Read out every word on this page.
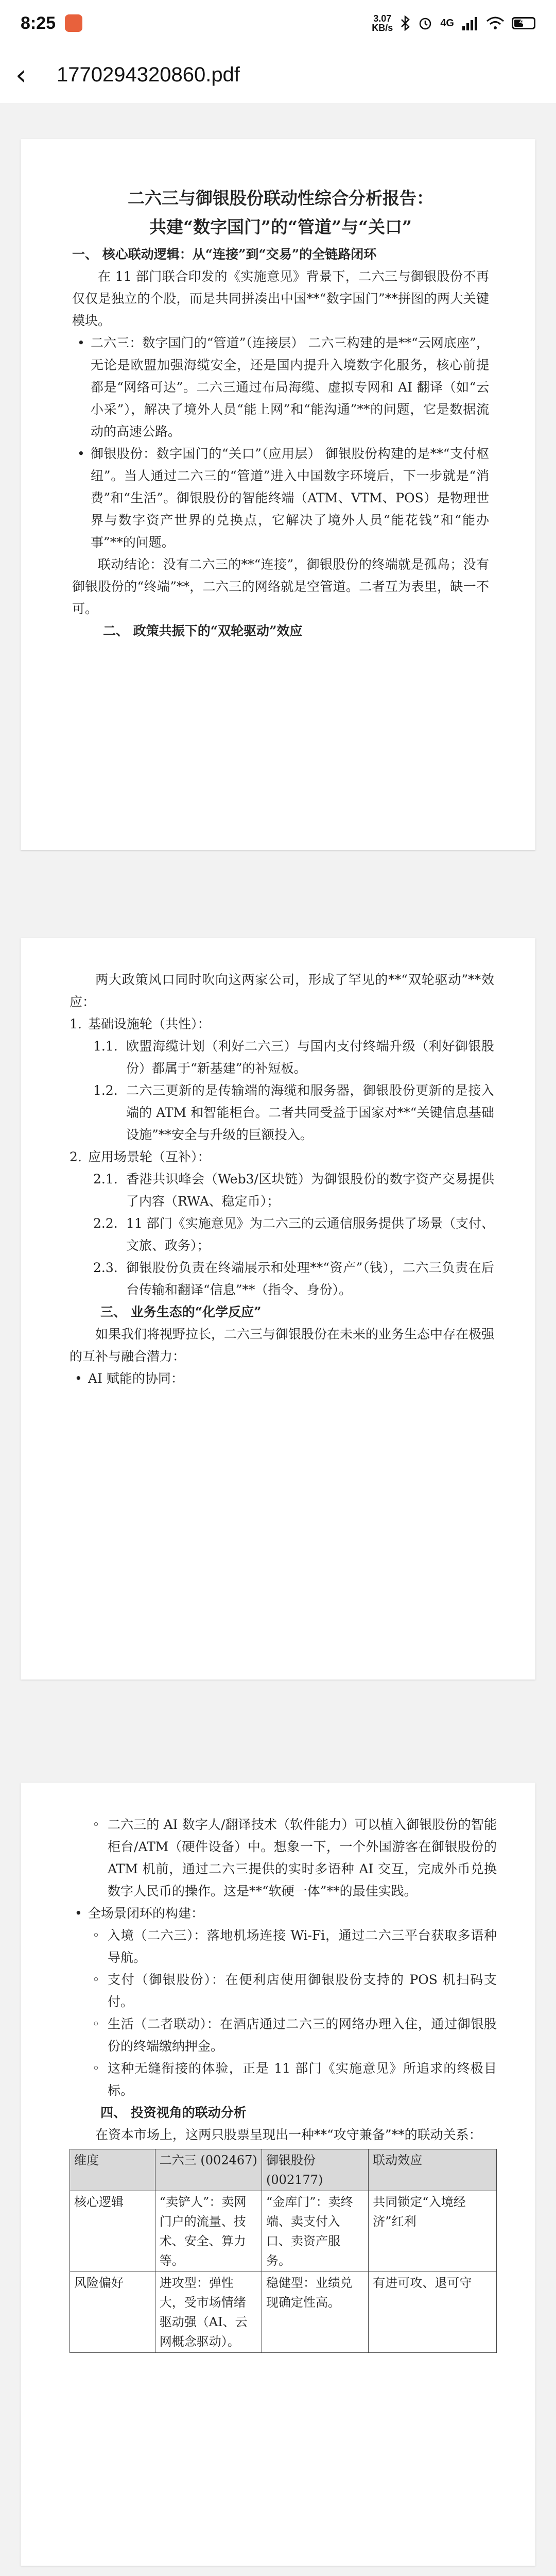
8:25	3.07
KB/s	4G	47
‹	1770294320860.pdf

二六三与御银股份联动性综合分析报告：

共建“数字国门”的“管道”与“关口”

一、 核心联动逻辑：从“连接”到“交易”的全链路闭环

在 11 部门联合印发的《实施意见》背景下，二六三与御银股份不再仅仅是独立的个股，而是共同拼凑出中国**“数字国门”**拼图的两大关键模块。

• 二六三：数字国门的“管道”（连接层） 二六三构建的是**“云网底座”，无论是欧盟加强海缆安全，还是国内提升入境数字化服务，核心前提都是“网络可达”。二六三通过布局海缆、虚拟专网和 AI 翻译（如“云小采”），解决了境外人员“能上网”和“能沟通”**的问题，它是数据流动的高速公路。

• 御银股份：数字国门的“关口”（应用层） 御银股份构建的是**“支付枢纽”。当人通过二六三的“管道”进入中国数字环境后，下一步就是“消费”和“生活”。御银股份的智能终端（ATM、VTM、POS）是物理世界与数字资产世界的兑换点，它解决了境外人员“能花钱”和“能办事”**的问题。

联动结论：没有二六三的**“连接”，御银股份的终端就是孤岛；没有御银股份的“终端”**，二六三的网络就是空管道。二者互为表里，缺一不可。

二、 政策共振下的“双轮驱动”效应

两大政策风口同时吹向这两家公司，形成了罕见的**“双轮驱动”**效应：

1. 基础设施轮（共性）：

1.1. 欧盟海缆计划（利好二六三）与国内支付终端升级（利好御银股份）都属于“新基建”的补短板。

1.2. 二六三更新的是传输端的海缆和服务器，御银股份更新的是接入端的 ATM 和智能柜台。二者共同受益于国家对**“关键信息基础设施”**安全与升级的巨额投入。

2. 应用场景轮（互补）：

2.1. 香港共识峰会（Web3/区块链）为御银股份的数字资产交易提供了内容（RWA、稳定币）；

2.2. 11 部门《实施意见》为二六三的云通信服务提供了场景（支付、文旅、政务）；

2.3. 御银股份负责在终端展示和处理**“资产”（钱），二六三负责在后台传输和翻译“信息”**（指令、身份）。

三、 业务生态的“化学反应”

如果我们将视野拉长，二六三与御银股份在未来的业务生态中存在极强的互补与融合潜力：

• AI 赋能的协同：

◦ 二六三的 AI 数字人/翻译技术（软件能力）可以植入御银股份的智能柜台/ATM（硬件设备）中。想象一下，一个外国游客在御银股份的 ATM 机前，通过二六三提供的实时多语种 AI 交互，完成外币兑换数字人民币的操作。这是**“软硬一体”**的最佳实践。

• 全场景闭环的构建：

◦ 入境（二六三）：落地机场连接 Wi-Fi，通过二六三平台获取多语种导航。

◦ 支付（御银股份）：在便利店使用御银股份支持的 POS 机扫码支付。

◦ 生活（二者联动）：在酒店通过二六三的网络办理入住，通过御银股份的终端缴纳押金。

◦ 这种无缝衔接的体验，正是 11 部门《实施意见》所追求的终极目标。

四、 投资视角的联动分析

在资本市场上，这两只股票呈现出一种**“攻守兼备”**的联动关系：

维度	二六三 (002467)	御银股份 (002177)	联动效应
核心逻辑	“卖铲人”：卖网门户的流量、技术、安全、算力等。	“金库门”：卖终端、卖支付入口、卖资产服务。	共同锁定“入境经济”红利
风险偏好	进攻型：弹性大，受市场情绪驱动强（AI、云网概念驱动）。	稳健型：业绩兑现确定性高。	有进可攻、退可守
